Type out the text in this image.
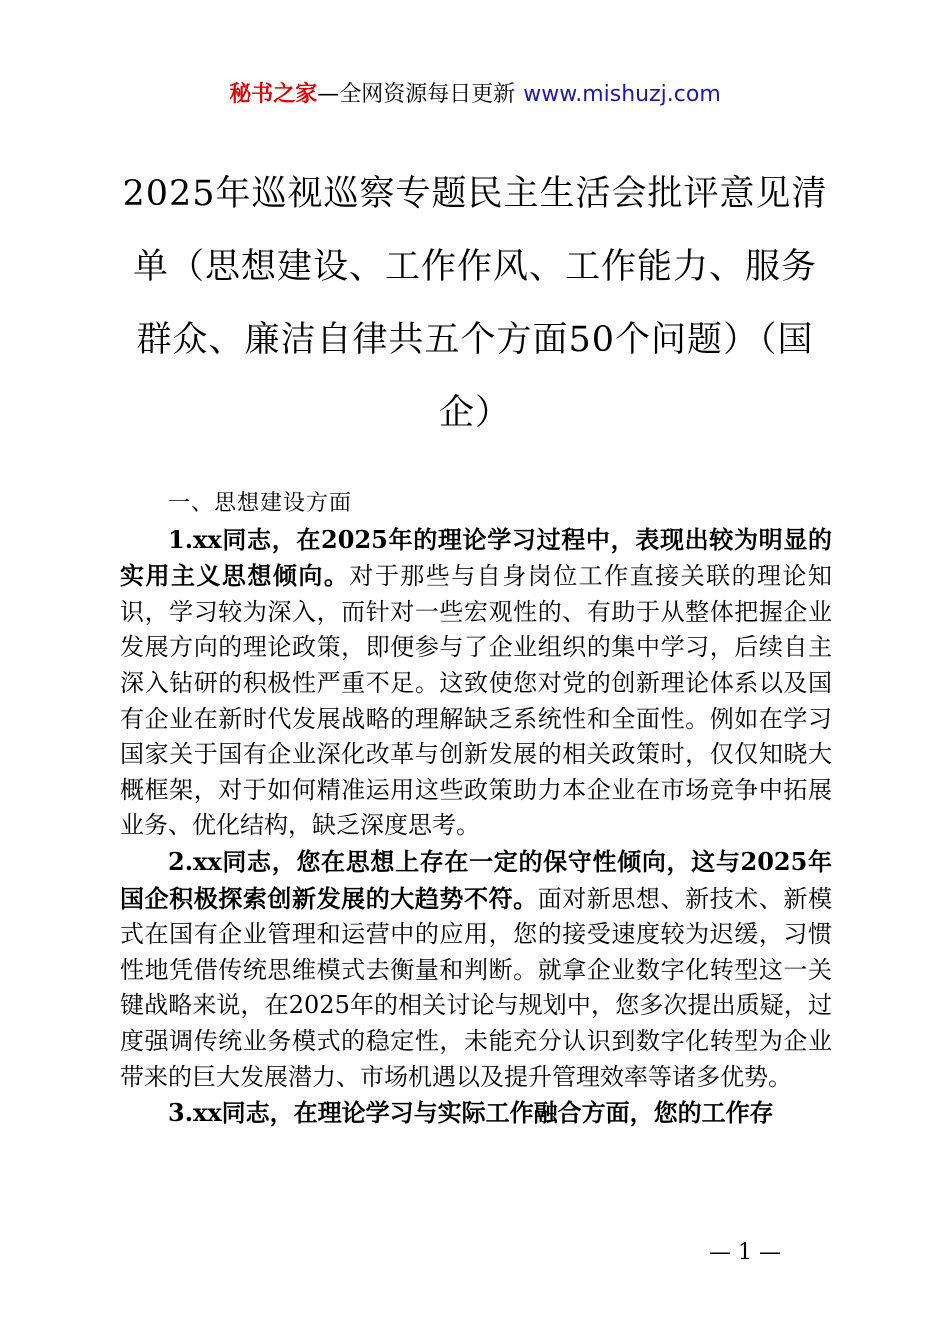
秘书之家—全网资源每日更新 www.mishuzj.com
2025年巡视巡察专题民主生活会批评意见清单（思想建设、工作作风、工作能力、服务群众、廉洁自律共五个方面50个问题）（国企）

一、思想建设方面

1.xx同志，在2025年的理论学习过程中，表现出较为明显的实用主义思想倾向。对于那些与自身岗位工作直接关联的理论知识，学习较为深入，而针对一些宏观性的、有助于从整体把握企业发展方向的理论政策，即便参与了企业组织的集中学习，后续自主深入钻研的积极性严重不足。这致使您对党的创新理论体系以及国有企业在新时代发展战略的理解缺乏系统性和全面性。例如在学习国家关于国有企业深化改革与创新发展的相关政策时，仅仅知晓大概框架，对于如何精准运用这些政策助力本企业在市场竞争中拓展业务、优化结构，缺乏深度思考。

2.xx同志，您在思想上存在一定的保守性倾向，这与2025年国企积极探索创新发展的大趋势不符。面对新思想、新技术、新模式在国有企业管理和运营中的应用，您的接受速度较为迟缓，习惯性地凭借传统思维模式去衡量和判断。就拿企业数字化转型这一关键战略来说，在2025年的相关讨论与规划中，您多次提出质疑，过度强调传统业务模式的稳定性，未能充分认识到数字化转型为企业带来的巨大发展潜力、市场机遇以及提升管理效率等诸多优势。

3.xx同志，在理论学习与实际工作融合方面，您的工作存

— 1 —
